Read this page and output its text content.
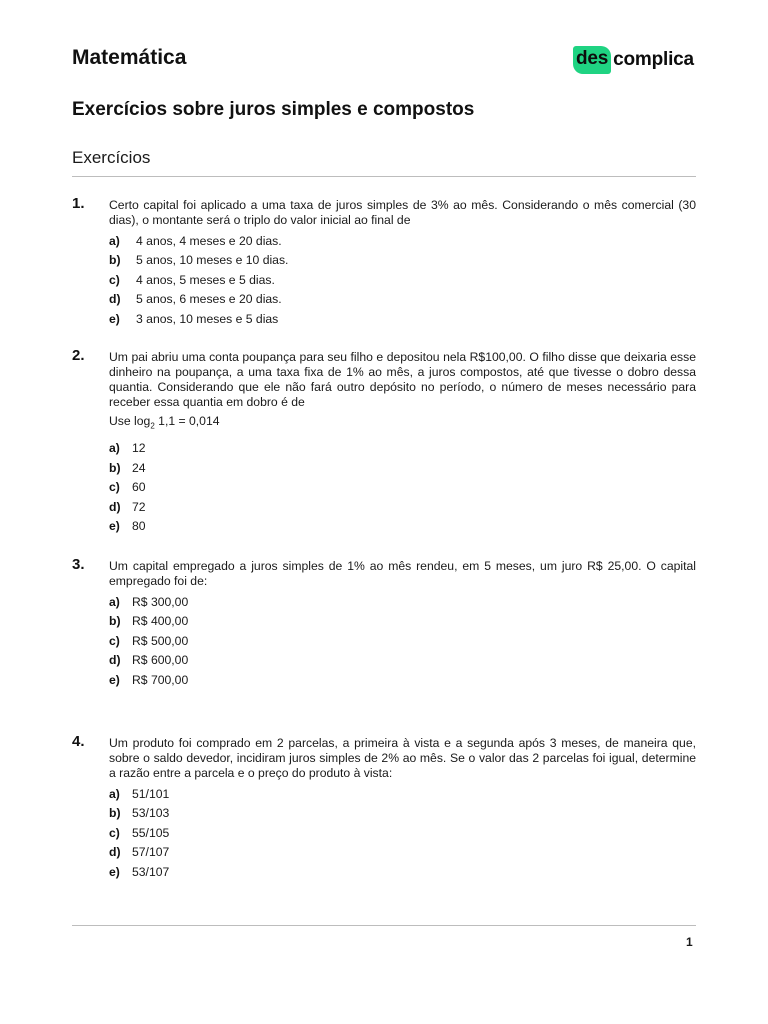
Matemática	des complica
Exercícios sobre juros simples e compostos
Exercícios
1. Certo capital foi aplicado a uma taxa de juros simples de 3% ao mês. Considerando o mês comercial (30 dias), o montante será o triplo do valor inicial ao final de
a)	4 anos, 4 meses e 20 dias.
b)	5 anos, 10 meses e 10 dias.
c)	4 anos, 5 meses e 5 dias.
d)	5 anos, 6 meses e 20 dias.
e)	3 anos, 10 meses e 5 dias
2. Um pai abriu uma conta poupança para seu filho e depositou nela R$100,00. O filho disse que deixaria esse dinheiro na poupança, a uma taxa fixa de 1% ao mês, a juros compostos, até que tivesse o dobro dessa quantia. Considerando que ele não fará outro depósito no período, o número de meses necessário para receber essa quantia em dobro é de
Use $\log_2 1,1 = 0,014$
a) 12
b) 24
c) 60
d) 72
e) 80
3. Um capital empregado a juros simples de 1% ao mês rendeu, em 5 meses, um juro R$ 25,00. O capital empregado foi de:
a) R$ 300,00
b) R$ 400,00
c) R$ 500,00
d) R$ 600,00
e) R$ 700,00
4. Um produto foi comprado em 2 parcelas, a primeira à vista e a segunda após 3 meses, de maneira que, sobre o saldo devedor, incidiram juros simples de 2% ao mês. Se o valor das 2 parcelas foi igual, determine a razão entre a parcela e o preço do produto à vista:
a) 51/101
b) 53/103
c) 55/105
d) 57/107
e) 53/107
1
